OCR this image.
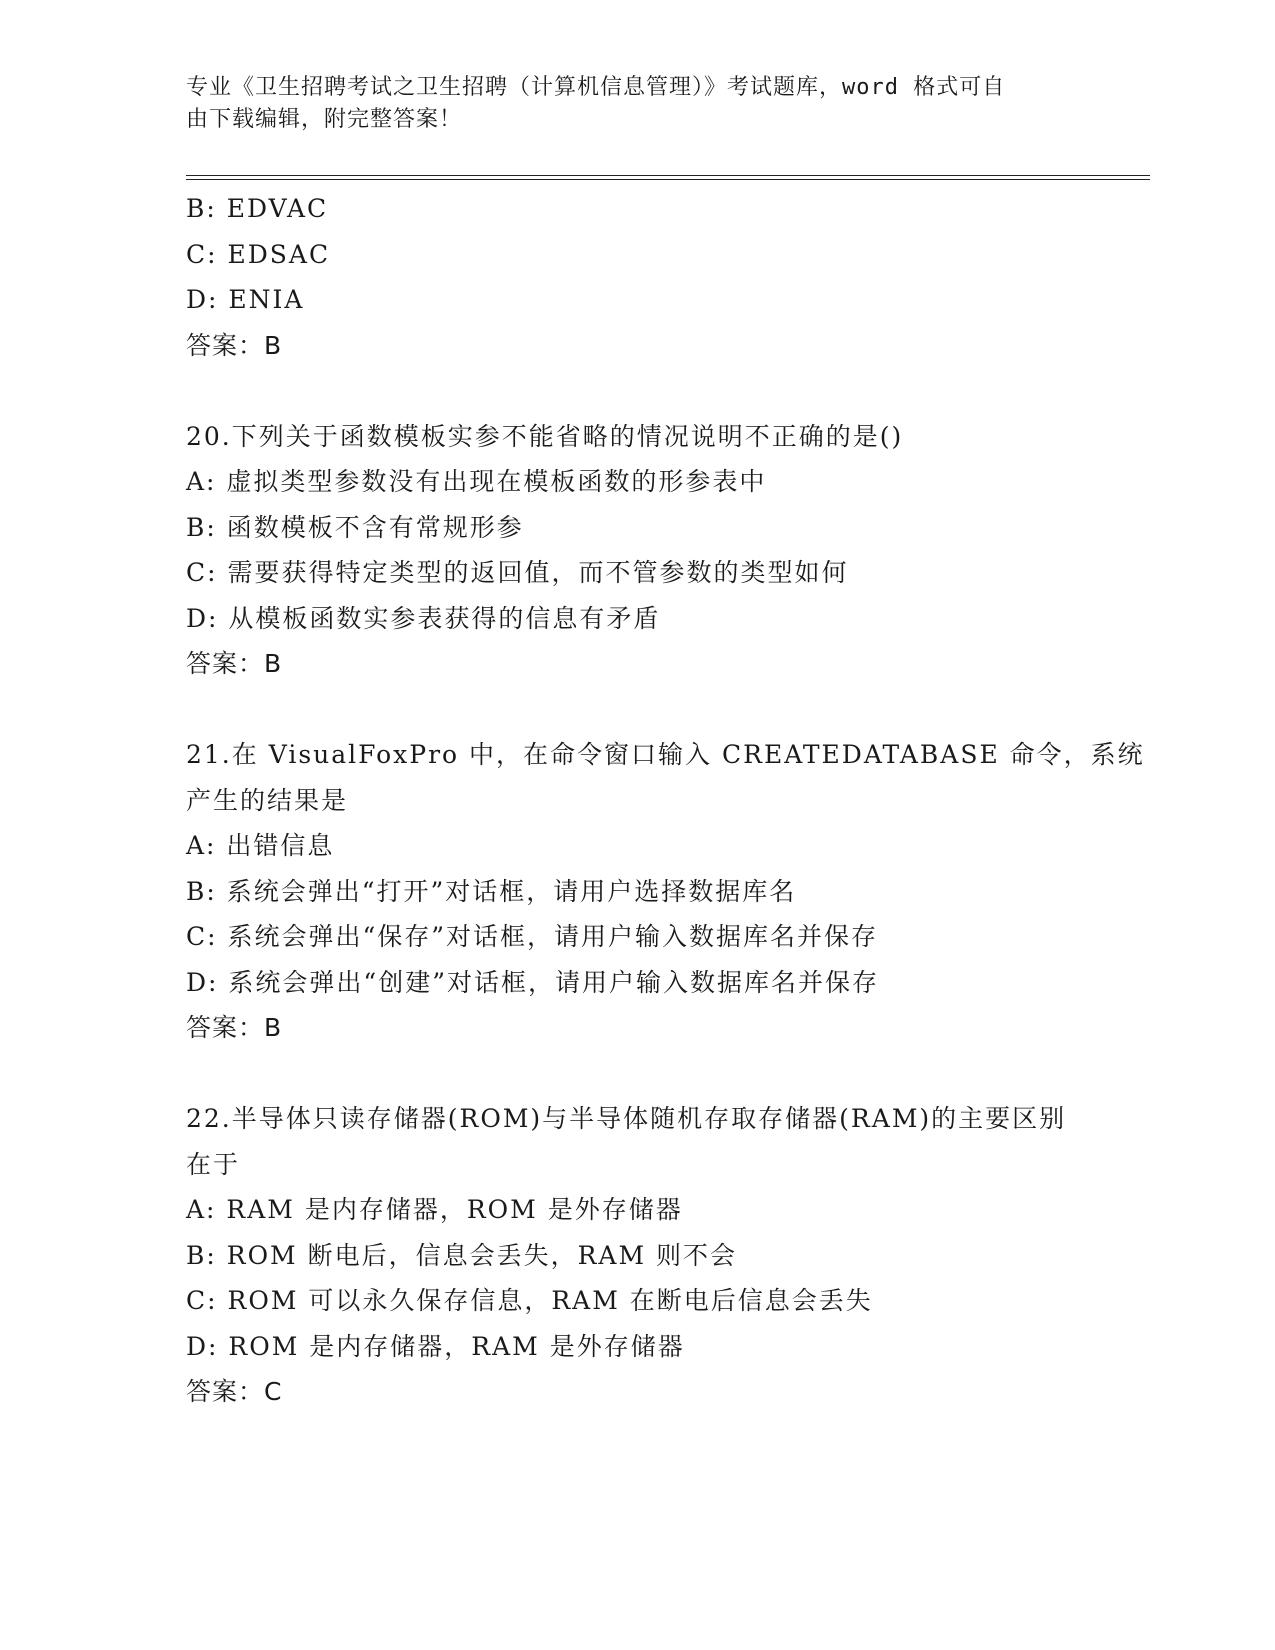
专业《卫生招聘考试之卫生招聘（计算机信息管理）》考试题库，word 格式可自
由下载编辑，附完整答案！
B: EDVAC
C: EDSAC
D: ENIA
答案：B
20.下列关于函数模板实参不能省略的情况说明不正确的是()
A: 虚拟类型参数没有出现在模板函数的形参表中
B: 函数模板不含有常规形参
C: 需要获得特定类型的返回值，而不管参数的类型如何
D: 从模板函数实参表获得的信息有矛盾
答案：B
21.在 VisualFoxPro 中，在命令窗口输入 CREATEDATABASE 命令，系统
产生的结果是
A: 出错信息
B: 系统会弹出“打开”对话框，请用户选择数据库名
C: 系统会弹出“保存”对话框，请用户输入数据库名并保存
D: 系统会弹出“创建”对话框，请用户输入数据库名并保存
答案：B
22.半导体只读存储器(ROM)与半导体随机存取存储器(RAM)的主要区别
在于
A: RAM 是内存储器，ROM 是外存储器
B: ROM 断电后，信息会丢失，RAM 则不会
C: ROM 可以永久保存信息，RAM 在断电后信息会丢失
D: ROM 是内存储器，RAM 是外存储器
答案：C
